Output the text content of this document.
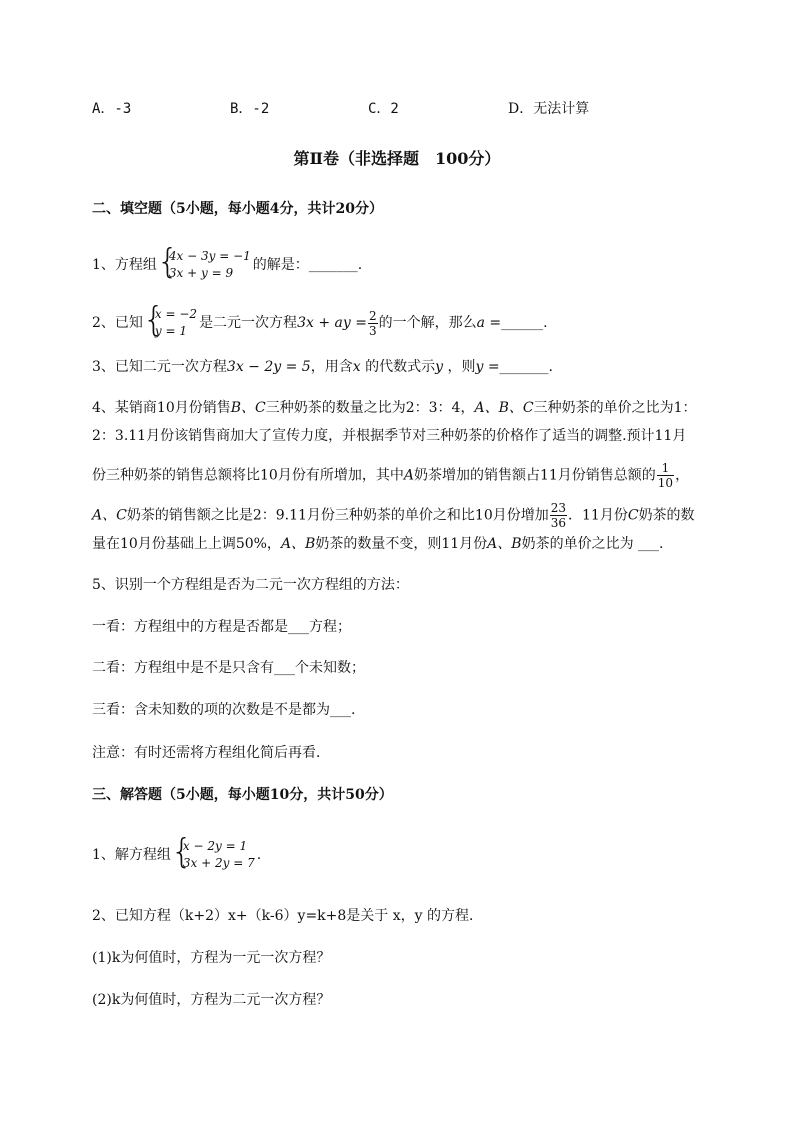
A．-3	B．-2	C．2	D．无法计算
第Ⅱ卷（非选择题　100分）
二、填空题（5小题，每小题4分，共计20分）
1、方程组
{ 4x − 3y = −1
3x + y = 9	的解是：_______.
2、已知
{ x = −2
y = 1 是二元一次方程3x + ay = $\frac{2}{3}$ 的一个解，那么a =______.
3、已知二元一次方程3x − 2y = 5，用含x 的代数式示y ，则y =_______.
4、某销商10月份销售B、C三种奶茶的数量之比为2：3：4，A、B、C三种奶茶的单价之比为1：
2：3.11月份该销售商加大了宣传力度，并根据季节对三种奶茶的价格作了适当的调整.预计11月
份三种奶茶的销售总额将比10月份有所增加，其中A奶茶增加的销售额占11月份销售总额的 $\frac{1}{10}$ ，
A、C奶茶的销售额之比是2：9.11月份三种奶茶的单价之和比10月份增加 $\frac{23}{36}$ ．11月份C奶茶的数
量在10月份基础上上调50%，A、B奶茶的数量不变，则11月份A、B奶茶的单价之比为 ___.
5、识别一个方程组是否为二元一次方程组的方法：
一看：方程组中的方程是否都是___方程；
二看：方程组中是不是只含有___个未知数；
三看：含未知数的项的次数是不是都为___.
注意：有时还需将方程组化简后再看．
三、解答题（5小题，每小题10分，共计50分）
1、解方程组
{ x − 2y = 1
3x + 2y = 7 .
2、已知方程（k+2）x+（k-6）y=k+8是关于 x，y 的方程．
(1)k为何值时，方程为一元一次方程？
(2)k为何值时，方程为二元一次方程？
